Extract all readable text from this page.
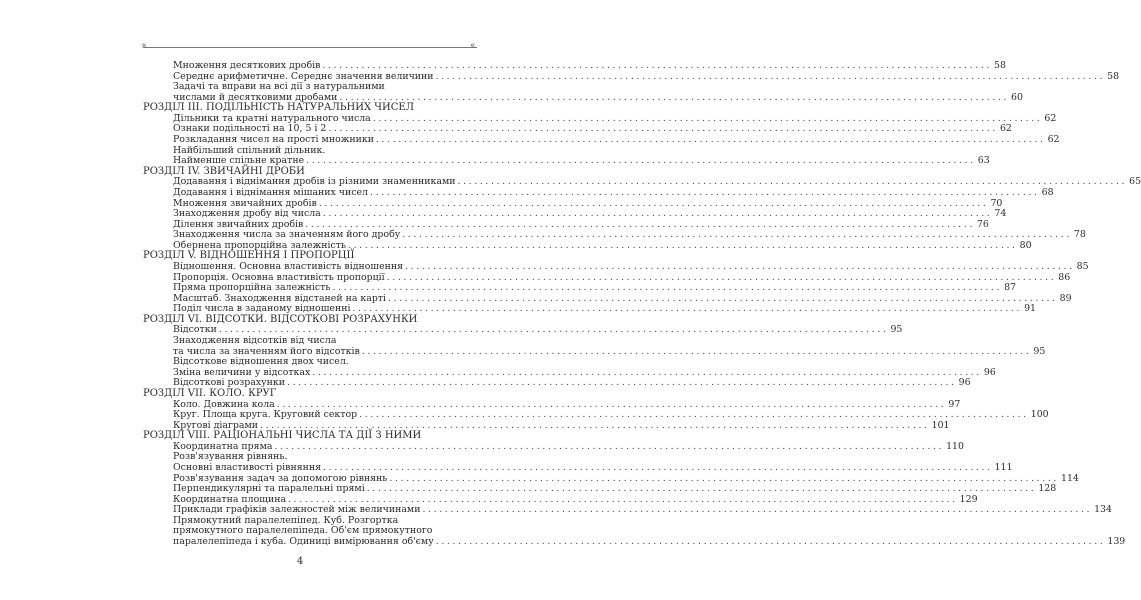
»	«
Множення десяткових дробів ........................................................................................................................ 58
Середнє арифметичне. Середнє значення величини ........................................................................................................................ 58
Задачі та вправи на всі дії з натуральними
числами й десятковими дробами ........................................................................................................................ 60
РОЗДІЛ III. ПОДІЛЬНІСТЬ НАТУРАЛЬНИХ ЧИСЕЛ
Дільники та кратні натурального числа ........................................................................................................................ 62
Ознаки подільності на 10, 5 і 2 ........................................................................................................................ 62
Розкладання чисел на прості множники ........................................................................................................................ 62
Найбільший спільний дільник.
Найменше спільне кратне ........................................................................................................................ 63
РОЗДІЛ IV. ЗВИЧАЙНІ ДРОБИ
Додавання і віднімання дробів із різними знаменниками ........................................................................................................................ 65
Додавання і віднімання мішаних чисел ........................................................................................................................ 68
Множення звичайних дробів ........................................................................................................................ 70
Знаходження дробу від числа ........................................................................................................................ 74
Ділення звичайних дробів ........................................................................................................................ 76
Знаходження числа за значенням його дробу ........................................................................................................................ 78
Обернена пропорційна залежність ........................................................................................................................ 80
РОЗДІЛ V. ВІДНОШЕННЯ І ПРОПОРЦІЇ
Відношення. Основна властивість відношення ........................................................................................................................ 85
Пропорція. Основна властивість пропорції ........................................................................................................................ 86
Пряма пропорційна залежність ........................................................................................................................ 87
Масштаб. Знаходження відстаней на карті ........................................................................................................................ 89
Поділ числа в заданому відношенні ........................................................................................................................ 91
РОЗДІЛ VI. ВІДСОТКИ. ВІДСОТКОВІ РОЗРАХУНКИ
Відсотки ........................................................................................................................ 95
Знаходження відсотків від числа
та числа за значенням його відсотків ........................................................................................................................ 95
Відсоткове відношення двох чисел.
Зміна величини у відсотках ........................................................................................................................ 96
Відсоткові розрахунки ........................................................................................................................ 96
РОЗДІЛ VII. КОЛО. КРУГ
Коло. Довжина кола ........................................................................................................................ 97
Круг. Площа круга. Круговий сектор ........................................................................................................................ 100
Кругові діаграми ........................................................................................................................ 101
РОЗДІЛ VIII. РАЦІОНАЛЬНІ ЧИСЛА ТА ДІЇ З НИМИ
Координатна пряма ........................................................................................................................ 110
Розв'язування рівнянь.
Основні властивості рівняння ........................................................................................................................ 111
Розв'язування задач за допомогою рівнянь ........................................................................................................................ 114
Перпендикулярні та паралельні прямі ........................................................................................................................ 128
Координатна площина ........................................................................................................................ 129
Приклади графіків залежностей між величинами ........................................................................................................................ 134
Прямокутний паралелепіпед. Куб. Розгортка
прямокутного паралелепіпеда. Об'єм прямокутного
паралелепіпеда і куба. Одиниці вимірювання об'єму ........................................................................................................................ 139
4
